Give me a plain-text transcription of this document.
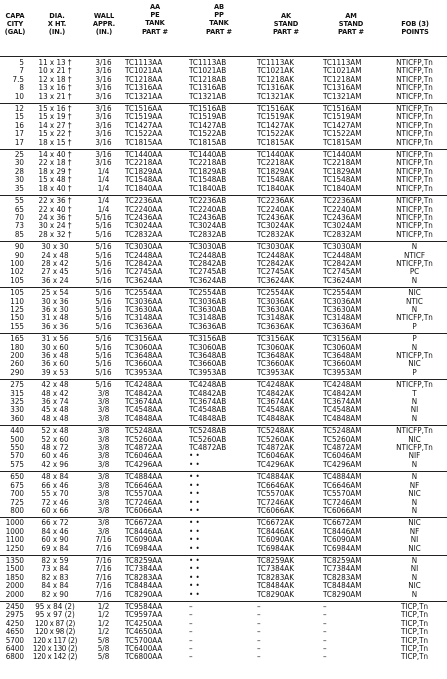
CAPA
CITY
(GAL)
DIA.
X HT.
(IN.)
WALL
APPR.
(IN.)
AA
PE
TANK
PART #
AB
PP
TANK
PART #
AK
STAND
PART #
AM
STAND
PART #
FOB (3)
POINTS
5	11 x 13 †	3/16	TC1113AA	TC1113AB	TC1113AK	TC1113AM	NTICFP,Tn
7	10 x 21 †	3/16	TC1021AA	TC1021AB	TC1021AK	TC1021AM	NTICFP,Tn
7.5	12 x 18 †	3/16	TC1218AA	TC1218AB	TC1218AK	TC1218AM	NTICFP,Tn
8	13 x 16 †	3/16	TC1316AA	TC1316AB	TC1316AK	TC1316AM	NTICFP,Tn
10	13 x 21 †	3/16	TC1321AA	TC1321AB	TC1321AK	TC1321AM	NTICFP,Tn
12	15 x 16 †	3/16	TC1516AA	TC1516AB	TC1516AK	TC1516AM	NTICFP,Tn
15	15 x 19 †	3/16	TC1519AA	TC1519AB	TC1519AK	TC1519AM	NTICFP,Tn
16	14 x 27 †	3/16	TC1427AA	TC1427AB	TC1427AK	TC1427AM	NTICFP,Tn
17	15 x 22 †	3/16	TC1522AA	TC1522AB	TC1522AK	TC1522AM	NTICFP,Tn
17	18 x 15 †	3/16	TC1815AA	TC1815AB	TC1815AK	TC1815AM	NTICFP,Tn
25	14 x 40 †	3/16	TC1440AA	TC1440AB	TC1440AK	TC1440AM	NTICFP,Tn
30	22 x 18 †	3/16	TC2218AA	TC2218AB	TC2218AK	TC2218AM	NTICFP,Tn
28	18 x 29 †	1/4	TC1829AA	TC1829AB	TC1829AK	TC1829AM	NTICFP,Tn
30	15 x 48 †	1/4	TC1548AA	TC1548AB	TC1548AK	TC1548AM	NTICFP,Tn
35	18 x 40 †	1/4	TC1840AA	TC1840AB	TC1840AK	TC1840AM	NTICFP,Tn
55	22 x 36 †	1/4	TC2236AA	TC2236AB	TC2236AK	TC2236AM	NTICFP,Tn
65	22 x 40 †	1/4	TC2240AA	TC2240AB	TC2240AK	TC2240AM	NTICFP,Tn
70	24 x 36 †	5/16	TC2436AA	TC2436AB	TC2436AK	TC2436AM	NTICFP,Tn
73	30 x 24 †	5/16	TC3024AA	TC3024AB	TC3024AK	TC3024AM	NTICFP,Tn
85	28 x 32 †	5/16	TC2832AA	TC2832AB	TC2832AK	TC2832AM	NTICFP,Tn
90	30 x 30	5/16	TC3030AA	TC3030AB	TC3030AK	TC3030AM	N
90	24 x 48	5/16	TC2448AA	TC2448AB	TC2448AK	TC2448AM	NTICF
100	28 x 42	5/16	TC2842AA	TC2842AB	TC2842AK	TC2842AM	NTICFP,Tn
102	27 x 45	5/16	TC2745AA	TC2745AB	TC2745AK	TC2745AM	PC
105	36 x 24	5/16	TC3624AA	TC3624AB	TC3624AK	TC3624AM	N
105	25 x 54	5/16	TC2554AA	TC2554AB	TC2554AK	TC2554AM	NIC
110	30 x 36	5/16	TC3036AA	TC3036AB	TC3036AK	TC3036AM	NTIC
125	36 x 30	5/16	TC3630AA	TC3630AB	TC3630AK	TC3630AM	N
150	31 x 48	5/16	TC3148AA	TC3148AB	TC3148AK	TC3148AM	NTICFP,Tn
155	36 x 36	5/16	TC3636AA	TC3636AB	TC3636AK	TC3636AM	P
165	31 x 56	5/16	TC3156AA	TC3156AB	TC3156AK	TC3156AM	P
180	30 x 60	5/16	TC3060AA	TC3060AB	TC3060AK	TC3060AM	N
200	36 x 48	5/16	TC3648AA	TC3648AB	TC3648AK	TC3648AM	NTICFP,Tn
260	36 x 60	5/16	TC3660AA	TC3660AB	TC3660AK	TC3660AM	NIC
290	39 x 53	5/16	TC3953AA	TC3953AB	TC3953AK	TC3953AM	P
275	42 x 48	5/16	TC4248AA	TC4248AB	TC4248AK	TC4248AM	NTICFP,Tn
315	48 x 42	3/8	TC4842AA	TC4842AB	TC4842AK	TC4842AM	T
325	36 x 74	3/8	TC3674AA	TC3674AB	TC3674AK	TC3674AM	N
330	45 x 48	3/8	TC4548AA	TC4548AB	TC4548AK	TC4548AM	NI
360	48 x 48	3/8	TC4848AA	TC4848AB	TC4848AK	TC4848AM	N
440	52 x 48	3/8	TC5248AA	TC5248AB	TC5248AK	TC5248AM	NTICFP,Tn
500	52 x 60	3/8	TC5260AA	TC5260AB	TC5260AK	TC5260AM	NIC
550	48 x 72	3/8	TC4872AA	TC4872AB	TC4872AK	TC4872AM	NTICFP,Tn
570	60 x 46	3/8	TC6046AA	• •	TC6046AK	TC6046AM	NIF
575	42 x 96	3/8	TC4296AA	• •	TC4296AK	TC4296AM	N
650	48 x 84	3/8	TC4884AA	• •	TC4884AK	TC4884AM	N
675	66 x 46	3/8	TC6646AA	• •	TC6646AK	TC6646AM	NF
700	55 x 70	3/8	TC5570AA	• •	TC5570AK	TC5570AM	NIC
725	72 x 46	3/8	TC7246AA	• •	TC7246AK	TC7246AM	N
800	60 x 66	3/8	TC6066AA	• •	TC6066AK	TC6066AM	N
1000	66 x 72	3/8	TC6672AA	• •	TC6672AK	TC6672AM	NIC
1000	84 x 46	3/8	TC8446AA	• •	TC8446AK	TC8446AM	NF
1100	60 x 90	7/16	TC6090AA	• •	TC6090AK	TC6090AM	NI
1250	69 x 84	7/16	TC6984AA	• •	TC6984AK	TC6984AM	NIC
1350	82 x 59	7/16	TC8259AA	• •	TC8259AK	TC8259AM	N
1500	73 x 84	7/16	TC7384AA	• •	TC7384AK	TC7384AM	NI
1850	82 x 83	7/16	TC8283AA	• •	TC8283AK	TC8283AM	N
2000	84 x 84	7/16	TC8484AA	• •	TC8484AK	TC8484AM	NIC
2000	82 x 90	7/16	TC8290AA	• •	TC8290AK	TC8290AM	N
2450	95 x 84 (2)	1/2	TC9584AA	–	–	–	TICP,Tn
2975	95 x 97 (2)	1/2	TC9597AA	–	–	–	TICP,Tn
4250	120 x 87 (2)	1/2	TC4250AA	–	–	–	TICP,Tn
4650	120 x 98 (2)	1/2	TC4650AA	–	–	–	TICP,Tn
5700	120 x 117 (2)	5/8	TC5700AA	–	–	–	TICP,Tn
6400	120 x 130 (2)	5/8	TC6400AA	–	–	–	TICP,Tn
6800	120 x 142 (2)	5/8	TC6800AA	–	–	–	TICP,Tn
